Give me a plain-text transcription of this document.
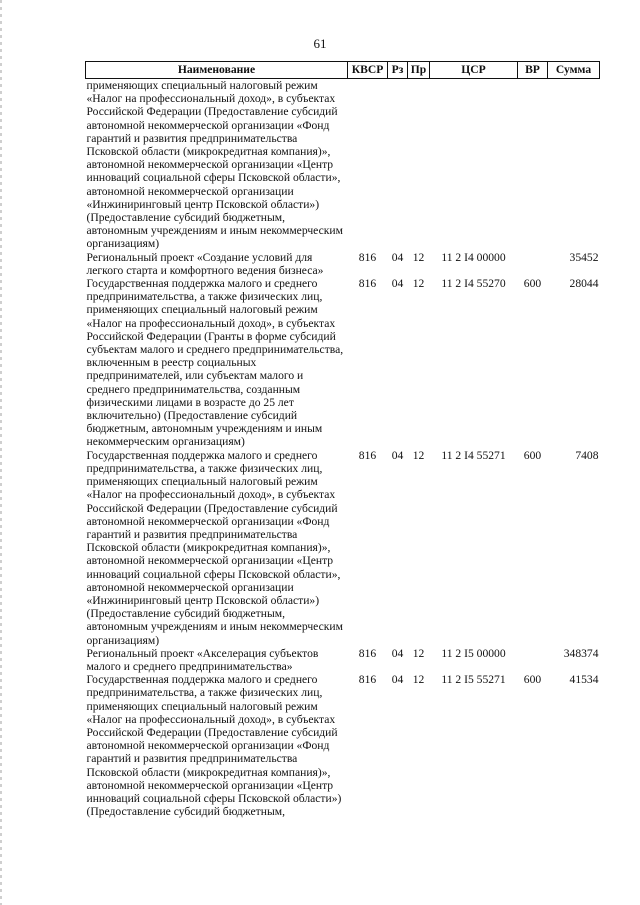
61
Наименование	КВСР	Рз	Пр	ЦСР	ВР	Сумма
применяющих специальный налоговый режим «Налог на профессиональный доход», в субъектах Российской Федерации (Предоставление субсидий автономной некоммерческой организации «Фонд гарантий и развития предпринимательства Псковской области (микрокредитная компания)», автономной некоммерческой организации «Центр инноваций социальной сферы Псковской области», автономной некоммерческой организации «Инжиниринговый центр Псковской области») (Предоставление субсидий бюджетным, автономным учреждениям и иным некоммерческим организациям)						
Региональный проект «Создание условий для легкого старта и комфортного ведения бизнеса»	816	04	12	11 2 I4 00000		35452
Государственная поддержка малого и среднего предпринимательства, а также физических лиц, применяющих специальный налоговый режим «Налог на профессиональный доход», в субъектах Российской Федерации (Гранты в форме субсидий субъектам малого и среднего предпринимательства, включенным в реестр социальных предпринимателей, или субъектам малого и среднего предпринимательства, созданным физическими лицами в возрасте до 25 лет включительно) (Предоставление субсидий бюджетным, автономным учреждениям и иным некоммерческим организациям)	816	04	12	11 2 I4 55270	600	28044
Государственная поддержка малого и среднего предпринимательства, а также физических лиц, применяющих специальный налоговый режим «Налог на профессиональный доход», в субъектах Российской Федерации (Предоставление субсидий автономной некоммерческой организации «Фонд гарантий и развития предпринимательства Псковской области (микрокредитная компания)», автономной некоммерческой организации «Центр инноваций социальной сферы Псковской области», автономной некоммерческой организации «Инжиниринговый центр Псковской области») (Предоставление субсидий бюджетным, автономным учреждениям и иным некоммерческим организациям)	816	04	12	11 2 I4 55271	600	7408
Региональный проект «Акселерация субъектов малого и среднего предпринимательства»	816	04	12	11 2 I5 00000		348374
Государственная поддержка малого и среднего предпринимательства, а также физических лиц, применяющих специальный налоговый режим «Налог на профессиональный доход», в субъектах Российской Федерации (Предоставление субсидий автономной некоммерческой организации «Фонд гарантий и развития предпринимательства Псковской области (микрокредитная компания)», автономной некоммерческой организации «Центр инноваций социальной сферы Псковской области») (Предоставление субсидий бюджетным,	816	04	12	11 2 I5 55271	600	41534
